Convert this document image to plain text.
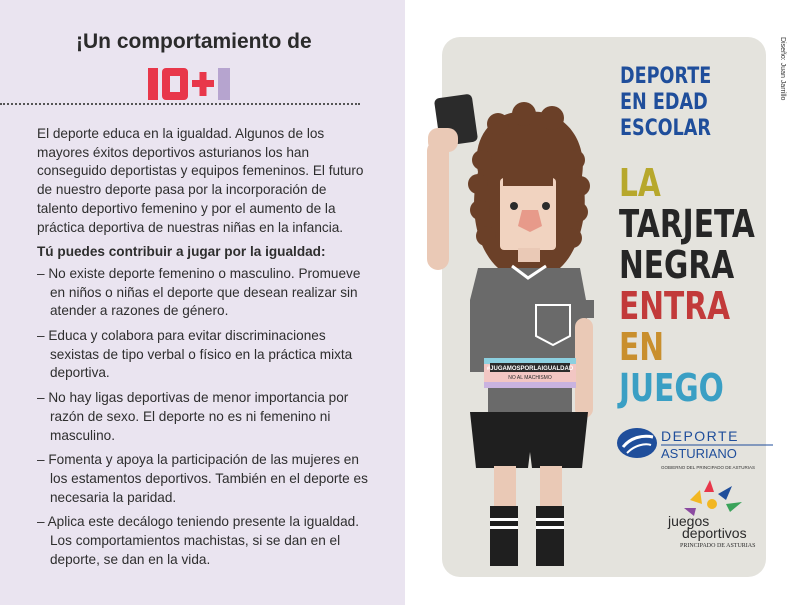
¡Un comportamiento de

El deporte educa en la igualdad. Algunos de los mayores éxitos deportivos asturianos los han conseguido deportistas y equipos femeninos. El futuro de nuestro deporte pasa por la incorporación de talento deportivo femenino y por el aumento de la práctica deportiva de nuestras niñas en la infancia.

Tú puedes contribuir a jugar por la igualdad:

– No existe deporte femenino o masculino. Promueve en niños o niñas el deporte que desean realizar sin atender a razones de género.
– Educa y colabora para evitar discriminaciones sexistas de tipo verbal o físico en la práctica mixta deportiva.
– No hay ligas deportivas de menor importancia por razón de sexo. El deporte no es ni femenino ni masculino.
– Fomenta y apoya la participación de las mujeres en los estamentos deportivos. También en el deporte es necesaria la paridad.
– Aplica este decálogo teniendo presente la igualdad. Los comportamientos machistas, si se dan en el deporte, se dan en la vida.
Diseño: Juan Jarrillo
#JUGAMOSPORLAIGUALDAD
NO AL MACHISMO
DEPORTE
EN EDAD
ESCOLAR
LA
TARJETA
NEGRA
ENTRA
EN
JUEGO
DEPORTE
ASTURIANO
GOBIERNO DEL PRINCIPADO DE ASTURIAS
juegos
deportivos
PRINCIPADO DE ASTURIAS
